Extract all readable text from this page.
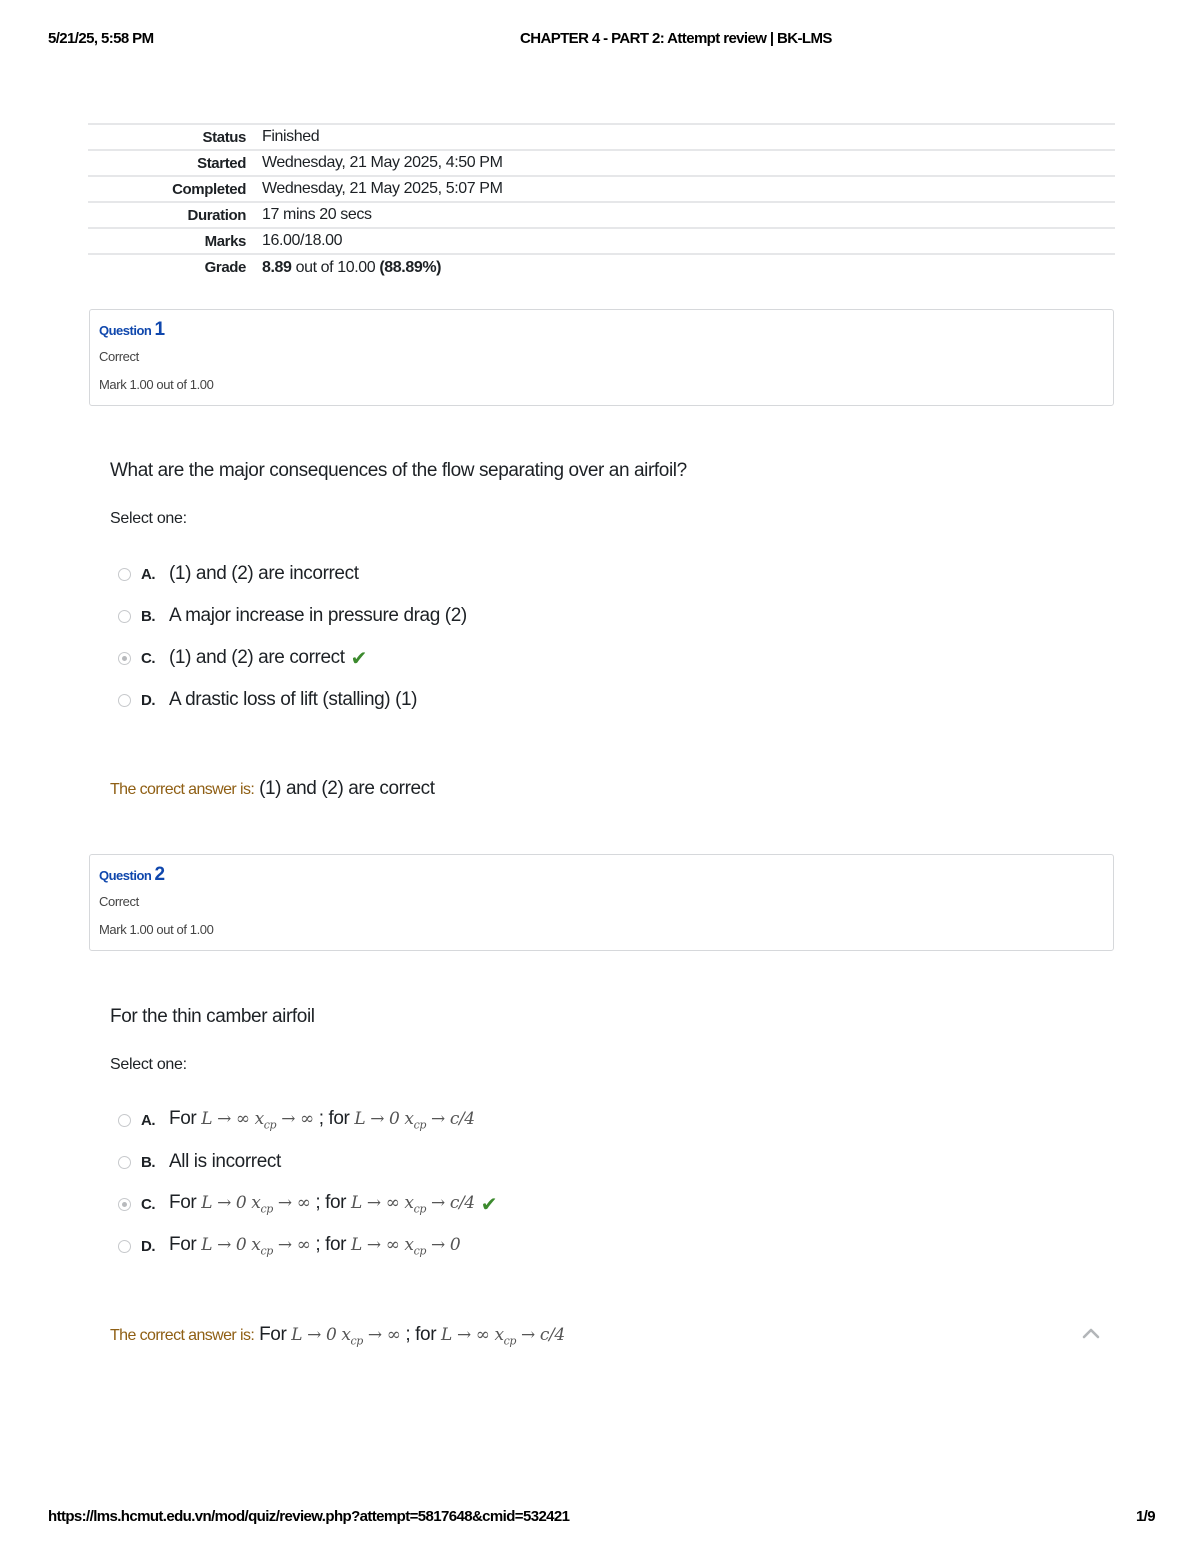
5/21/25, 5:58 PM	CHAPTER 4 - PART 2: Attempt review | BK-LMS
Status	Finished
Started	Wednesday, 21 May 2025, 4:50 PM
Completed	Wednesday, 21 May 2025, 5:07 PM
Duration	17 mins 20 secs
Marks	16.00/18.00
Grade	8.89 out of 10.00 (88.89%)
Question 1
Correct
Mark 1.00 out of 1.00
What are the major consequences of the flow separating over an airfoil?
Select one:
A. (1) and (2) are incorrect
B. A major increase in pressure drag (2)
C. (1) and (2) are correct ✔
D. A drastic loss of lift (stalling) (1)
The correct answer is: (1) and (2) are correct
Question 2
Correct
Mark 1.00 out of 1.00
For the thin camber airfoil
Select one:
A. For L → ∞ $x_{cp}$ → ∞ ; for L → 0 $x_{cp} \to c/4$
B. All is incorrect
C. For L → 0 $x_{cp}$ → ∞ ; for L → ∞ $x_{cp} \to c/4$ ✔
D. For L → 0 $x_{cp}$ → ∞ ; for L → ∞ $x_{cp} \to 0$
The correct answer is: For L → 0 $x_{cp}$ → ∞ ; for L → ∞ $x_{cp} \to c/4$
https://lms.hcmut.edu.vn/mod/quiz/review.php?attempt=5817648&cmid=532421	1/9
